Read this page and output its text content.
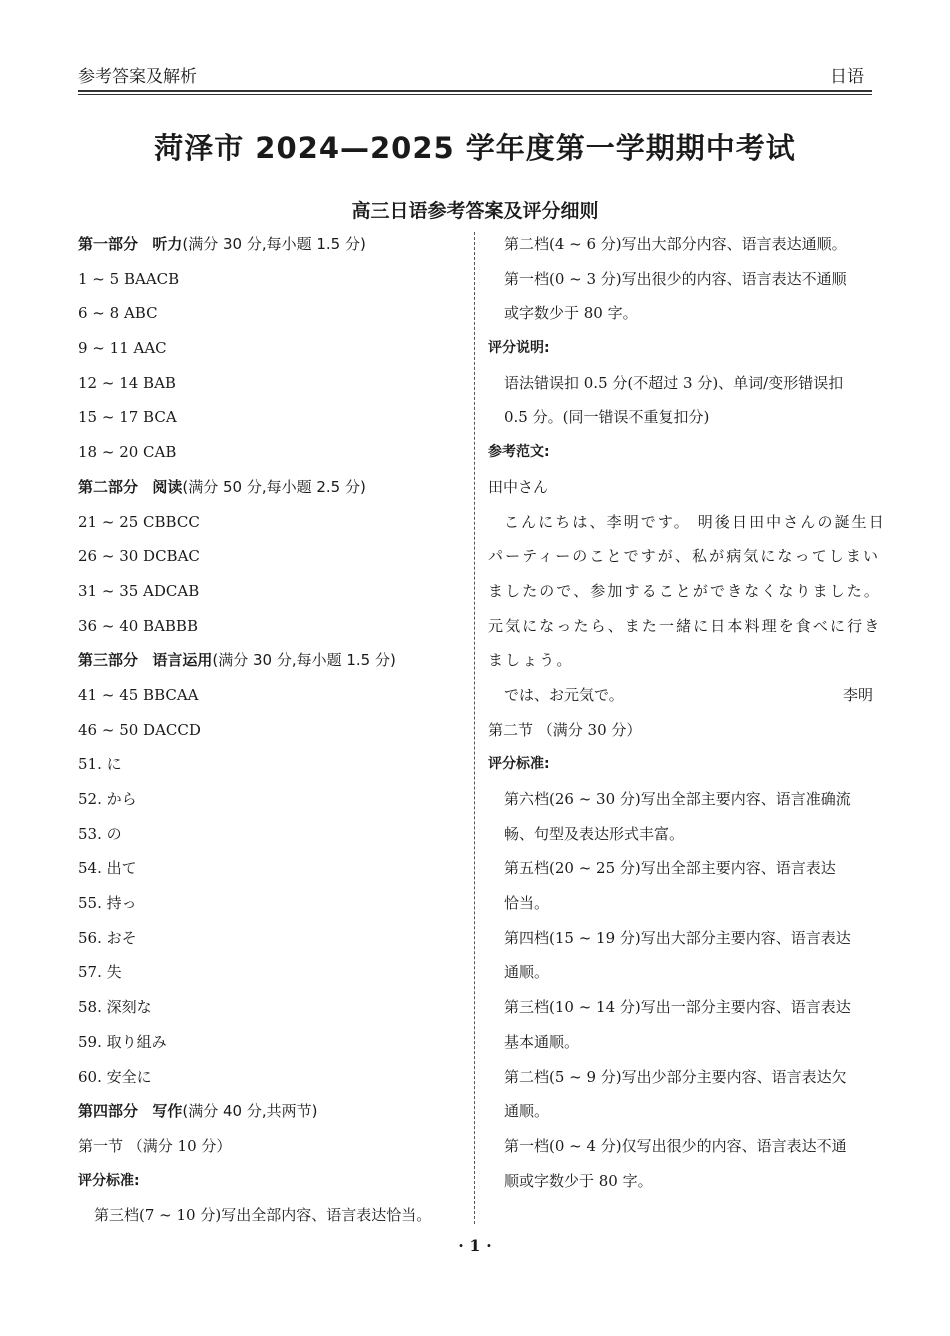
参考答案及解析	日语
菏泽市 2024—2025 学年度第一学期期中考试
高三日语参考答案及评分细则
第一部分 听力(满分 30 分,每小题 1.5 分)
1 ~ 5 BAACB
6 ~ 8 ABC
9 ~ 11 AAC
12 ~ 14 BAB
15 ~ 17 BCA
18 ~ 20 CAB
第二部分 阅读(满分 50 分,每小题 2.5 分)
21 ~ 25 CBBCC
26 ~ 30 DCBAC
31 ~ 35 ADCAB
36 ~ 40 BABBB
第三部分 语言运用(满分 30 分,每小题 1.5 分)
41 ~ 45 BBCAA
46 ~ 50 DACCD
51. に
52. から
53. の
54. 出て
55. 持っ
56. おそ
57. 失
58. 深刻な
59. 取り組み
60. 安全に
第四部分 写作(满分 40 分,共两节)
第一节 （满分 10 分）
评分标准:
第三档(7 ~ 10 分)写出全部内容、语言表达恰当。
第二档(4 ~ 6 分)写出大部分内容、语言表达通顺。
第一档(0 ~ 3 分)写出很少的内容、语言表达不通顺
或字数少于 80 字。
评分说明:
语法错误扣 0.5 分(不超过 3 分)、单词/变形错误扣
0.5 分。(同一错误不重复扣分)
参考范文:
田中さん
こんにちは、李明です。 明後日田中さんの誕生日
パーティーのことですが、私が病気になってしまい
ましたので、参加することができなくなりました。
元気になったら、また一緒に日本料理を食べに行き
ましょう。
では、お元気で。	李明
第二节 （满分 30 分）
评分标准:
第六档(26 ~ 30 分)写出全部主要内容、语言准确流
畅、句型及表达形式丰富。
第五档(20 ~ 25 分)写出全部主要内容、语言表达
恰当。
第四档(15 ~ 19 分)写出大部分主要内容、语言表达
通顺。
第三档(10 ~ 14 分)写出一部分主要内容、语言表达
基本通顺。
第二档(5 ~ 9 分)写出少部分主要内容、语言表达欠
通顺。
第一档(0 ~ 4 分)仅写出很少的内容、语言表达不通
顺或字数少于 80 字。
· 1 ·
